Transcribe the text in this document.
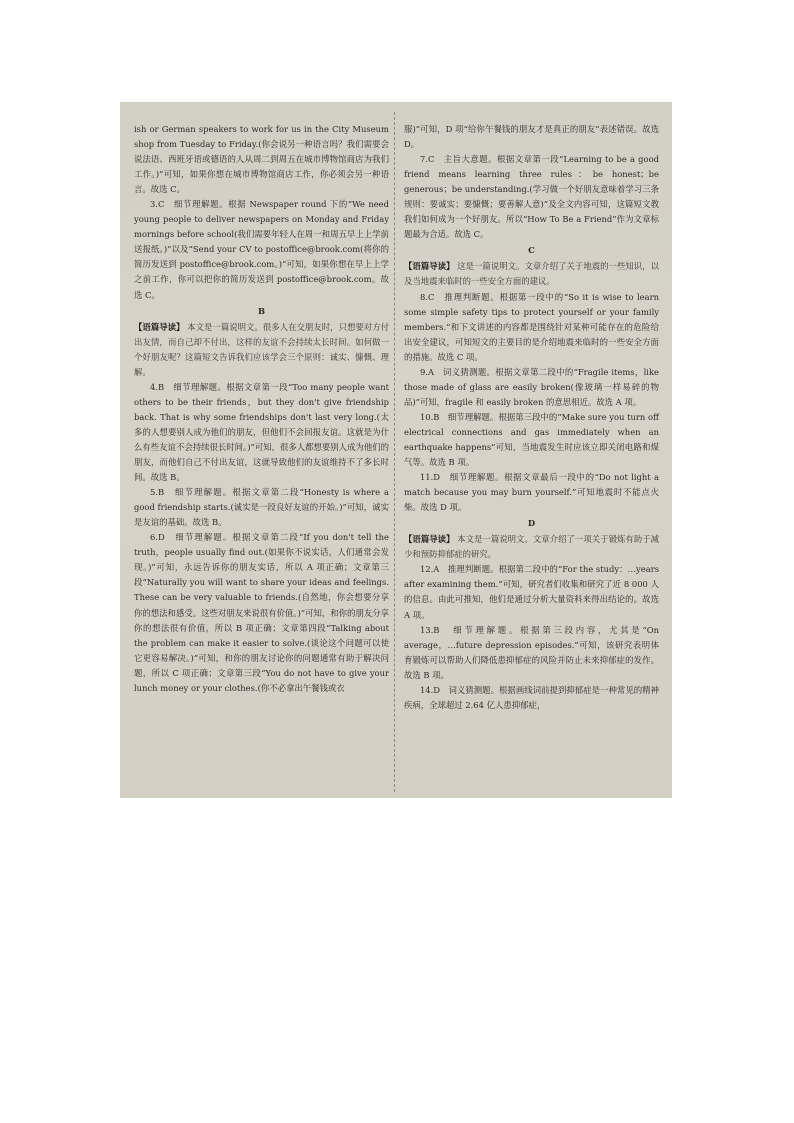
ish or German speakers to work for us in the City Museum shop from Tuesday to Friday.(你会说另一种语言吗？我们需要会说法语、西班牙语或德语的人从周二到周五在城市博物馆商店为我们工作。)”可知，如果你想在城市博物馆商店工作，你必须会另一种语言。故选 C。

3.C　细节理解题。根据 Newspaper round 下的“We need young people to deliver newspapers on Monday and Friday mornings before school(我们需要年轻人在周一和周五早上上学前送报纸。)”以及“Send your CV to postoffice@brook.com(将你的简历发送到 postoffice@brook.com。)”可知，如果你想在早上上学之前工作，你可以把你的简历发送到 postoffice@brook.com。故选 C。

B

【语篇导读】 本文是一篇说明文。很多人在交朋友时，只想要对方付出友情，而自己却不付出，这样的友谊不会持续太长时间。如何做一个好朋友呢？这篇短文告诉我们应该学会三个原则：诚实、慷慨、理解。

4.B　细节理解题。根据文章第一段“Too many people want others to be their friends，but they don't give friendship back. That is why some friendships don't last very long.(太多的人想要别人成为他们的朋友，但他们不会回报友谊。这就是为什么有些友谊不会持续很长时间。)”可知，很多人都想要别人成为他们的朋友，而他们自己不付出友谊，这就导致他们的友谊维持不了多长时间。故选 B。

5.B　细节理解题。根据文章第二段“Honesty is where a good friendship starts.(诚实是一段良好友谊的开始。)”可知，诚实是友谊的基础。故选 B。

6.D　细节理解题。根据文章第二段“If you don't tell the truth，people usually find out.(如果你不说实话，人们通常会发现。)”可知，永远告诉你的朋友实话，所以 A 项正确；文章第三段“Naturally you will want to share your ideas and feelings. These can be very valuable to friends.(自然地，你会想要分享你的想法和感受。这些对朋友来说很有价值。)”可知，和你的朋友分享你的想法很有价值，所以 B 项正确；文章第四段“Talking about the problem can make it easier to solve.(谈论这个问题可以使它更容易解决。)”可知，和你的朋友讨论你的问题通常有助于解决问题，所以 C 项正确；文章第三段“You do not have to give your lunch money or your clothes.(你不必拿出午餐钱或衣

服)”可知，D 项“给你午餐钱的朋友才是真正的朋友”表述错误。故选 D。

7.C　主旨大意题。根据文章第一段“Learning to be a good friend means learning three rules：be honest；be generous；be understanding.(学习做一个好朋友意味着学习三条规则：要诚实；要慷慨；要善解人意)”及全文内容可知，这篇短文教我们如何成为一个好朋友。所以“How To Be a Friend”作为文章标题最为合适。故选 C。

C

【语篇导读】 这是一篇说明文。文章介绍了关于地震的一些知识，以及当地震来临时的一些安全方面的建议。

8.C　推理判断题。根据第一段中的“So it is wise to learn some simple safety tips to protect yourself or your family members.”和下文讲述的内容都是围绕针对某种可能存在的危险给出安全建议，可知短文的主要目的是介绍地震来临时的一些安全方面的措施。故选 C 项。

9.A　词义猜测题。根据文章第二段中的“Fragile items，like those made of glass are easily broken(像玻璃一样易碎的物品)”可知，fragile 和 easily broken 的意思相近。故选 A 项。

10.B　细节理解题。根据第三段中的“Make sure you turn off electrical connections and gas immediately when an earthquake happens”可知，当地震发生时应该立即关闭电路和煤气等。故选 B 项。

11.D　细节理解题。根据文章最后一段中的“Do not light a match because you may burn yourself.”可知地震时不能点火柴。故选 D 项。

D

【语篇导读】 本文是一篇说明文。文章介绍了一项关于锻炼有助于减少和预防抑郁症的研究。

12.A　推理判断题。根据第二段中的“For the study：…years after examining them.”可知，研究者们收集和研究了近 8 000 人的信息。由此可推知，他们是通过分析大量资料来得出结论的。故选 A 项。

13.B　细节理解题。根据第三段内容，尤其是“On average，…future depression episodes.”可知，该研究表明体育锻炼可以帮助人们降低患抑郁症的风险并防止未来抑郁症的发作。故选 B 项。

14.D　词义猜测题。根据画线词前提到抑郁症是一种常见的精神疾病，全球超过 2.64 亿人患抑郁症，
